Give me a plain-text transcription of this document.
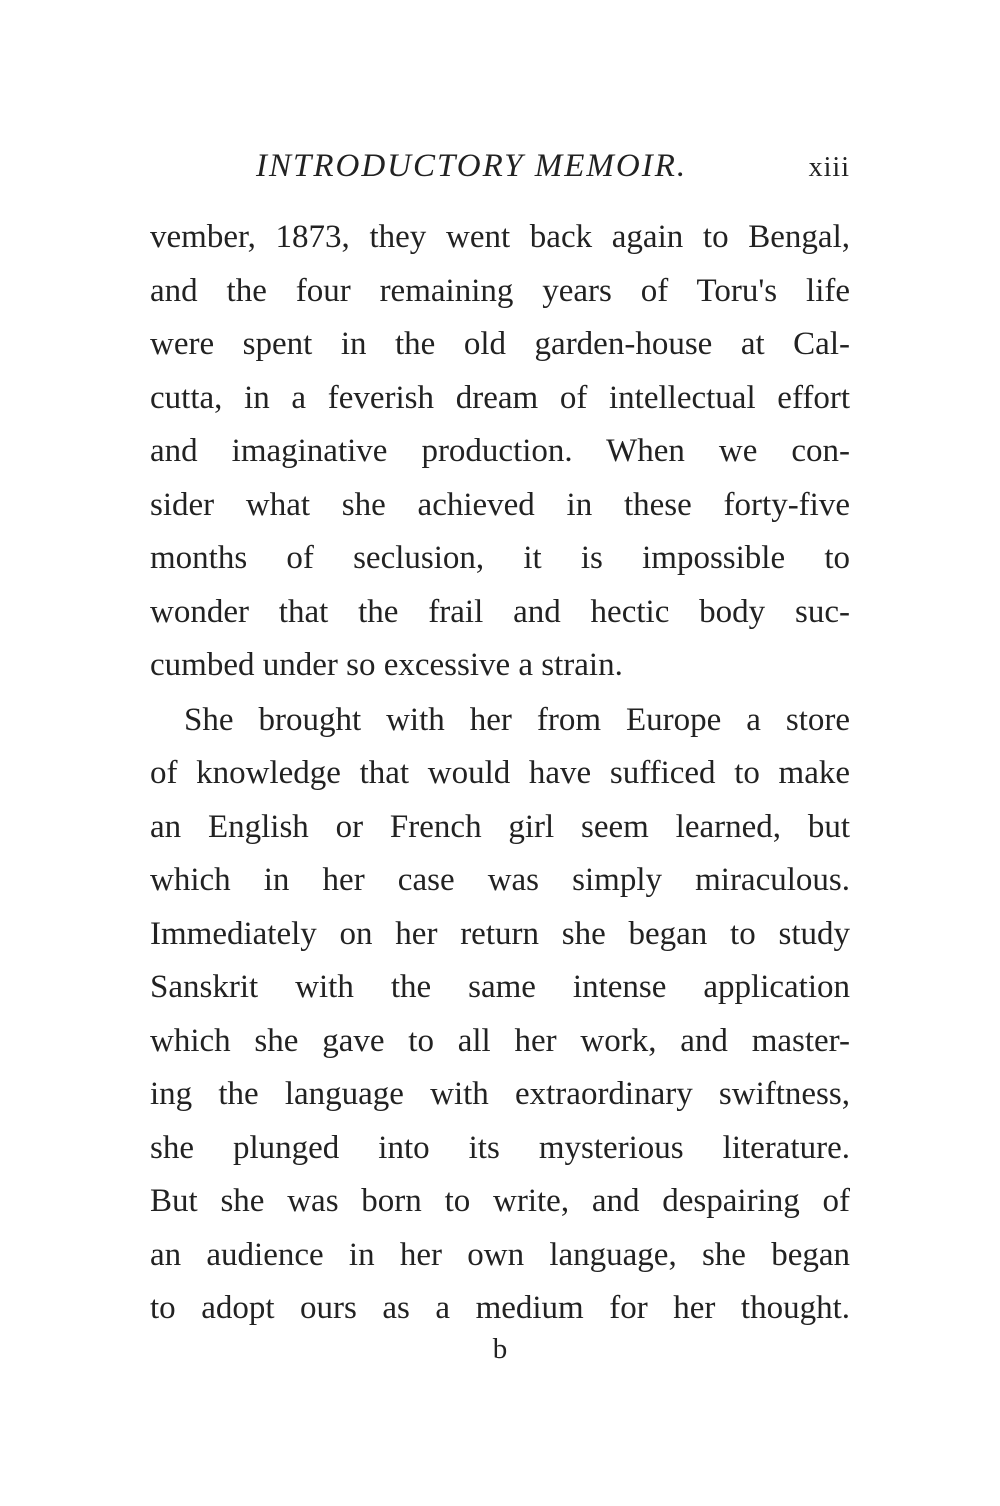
INTRODUCTORY MEMOIR.	xiii
vember, 1873, they went back again to Bengal,
and the four remaining years of Toru's life
were spent in the old garden-house at Cal-
cutta, in a feverish dream of intellectual effort
and imaginative production. When we con-
sider what she achieved in these forty-five
months of seclusion, it is impossible to
wonder that the frail and hectic body suc-
cumbed under so excessive a strain.
She brought with her from Europe a store
of knowledge that would have sufficed to make
an English or French girl seem learned, but
which in her case was simply miraculous.
Immediately on her return she began to study
Sanskrit with the same intense application
which she gave to all her work, and master-
ing the language with extraordinary swiftness,
she plunged into its mysterious literature.
But she was born to write, and despairing of
an audience in her own language, she began
to adopt ours as a medium for her thought.
b
